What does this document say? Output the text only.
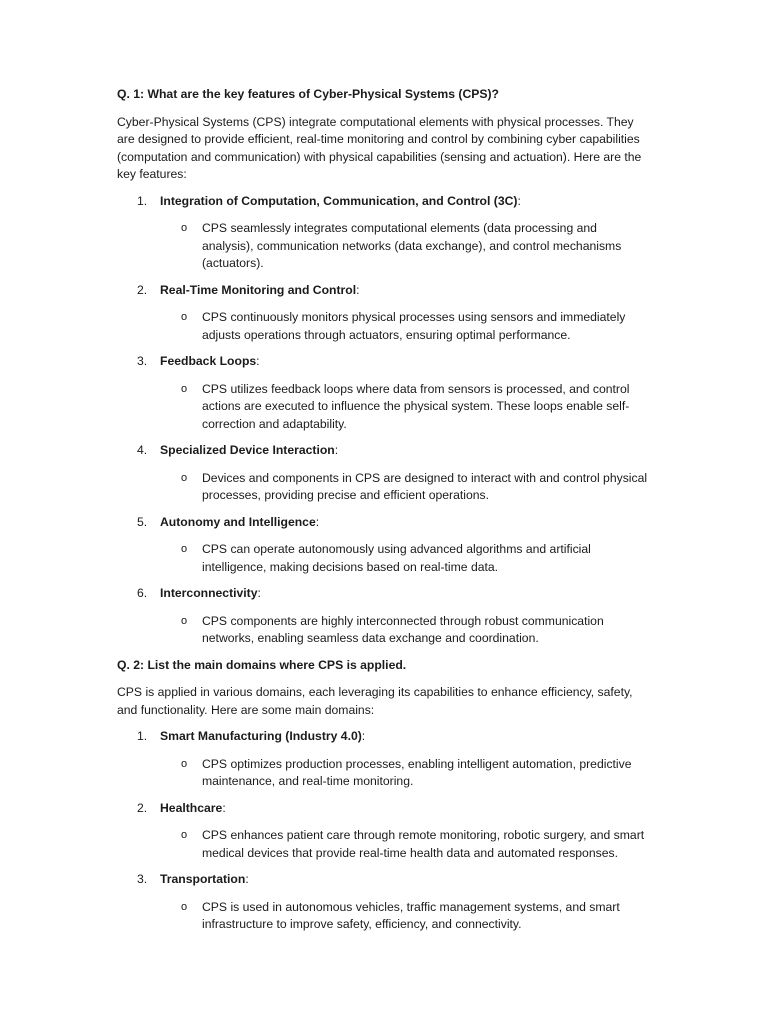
Q. 1: What are the key features of Cyber-Physical Systems (CPS)?
Cyber-Physical Systems (CPS) integrate computational elements with physical processes. They are designed to provide efficient, real-time monitoring and control by combining cyber capabilities (computation and communication) with physical capabilities (sensing and actuation). Here are the key features:
1.	Integration of Computation, Communication, and Control (3C):
o	CPS seamlessly integrates computational elements (data processing and analysis), communication networks (data exchange), and control mechanisms (actuators).
2.	Real-Time Monitoring and Control:
o	CPS continuously monitors physical processes using sensors and immediately adjusts operations through actuators, ensuring optimal performance.
3.	Feedback Loops:
o	CPS utilizes feedback loops where data from sensors is processed, and control actions are executed to influence the physical system. These loops enable self-correction and adaptability.
4.	Specialized Device Interaction:
o	Devices and components in CPS are designed to interact with and control physical processes, providing precise and efficient operations.
5.	Autonomy and Intelligence:
o	CPS can operate autonomously using advanced algorithms and artificial intelligence, making decisions based on real-time data.
6.	Interconnectivity:
o	CPS components are highly interconnected through robust communication networks, enabling seamless data exchange and coordination.
Q. 2: List the main domains where CPS is applied.
CPS is applied in various domains, each leveraging its capabilities to enhance efficiency, safety, and functionality. Here are some main domains:
1.	Smart Manufacturing (Industry 4.0):
o	CPS optimizes production processes, enabling intelligent automation, predictive maintenance, and real-time monitoring.
2.	Healthcare:
o	CPS enhances patient care through remote monitoring, robotic surgery, and smart medical devices that provide real-time health data and automated responses.
3.	Transportation:
o	CPS is used in autonomous vehicles, traffic management systems, and smart infrastructure to improve safety, efficiency, and connectivity.
